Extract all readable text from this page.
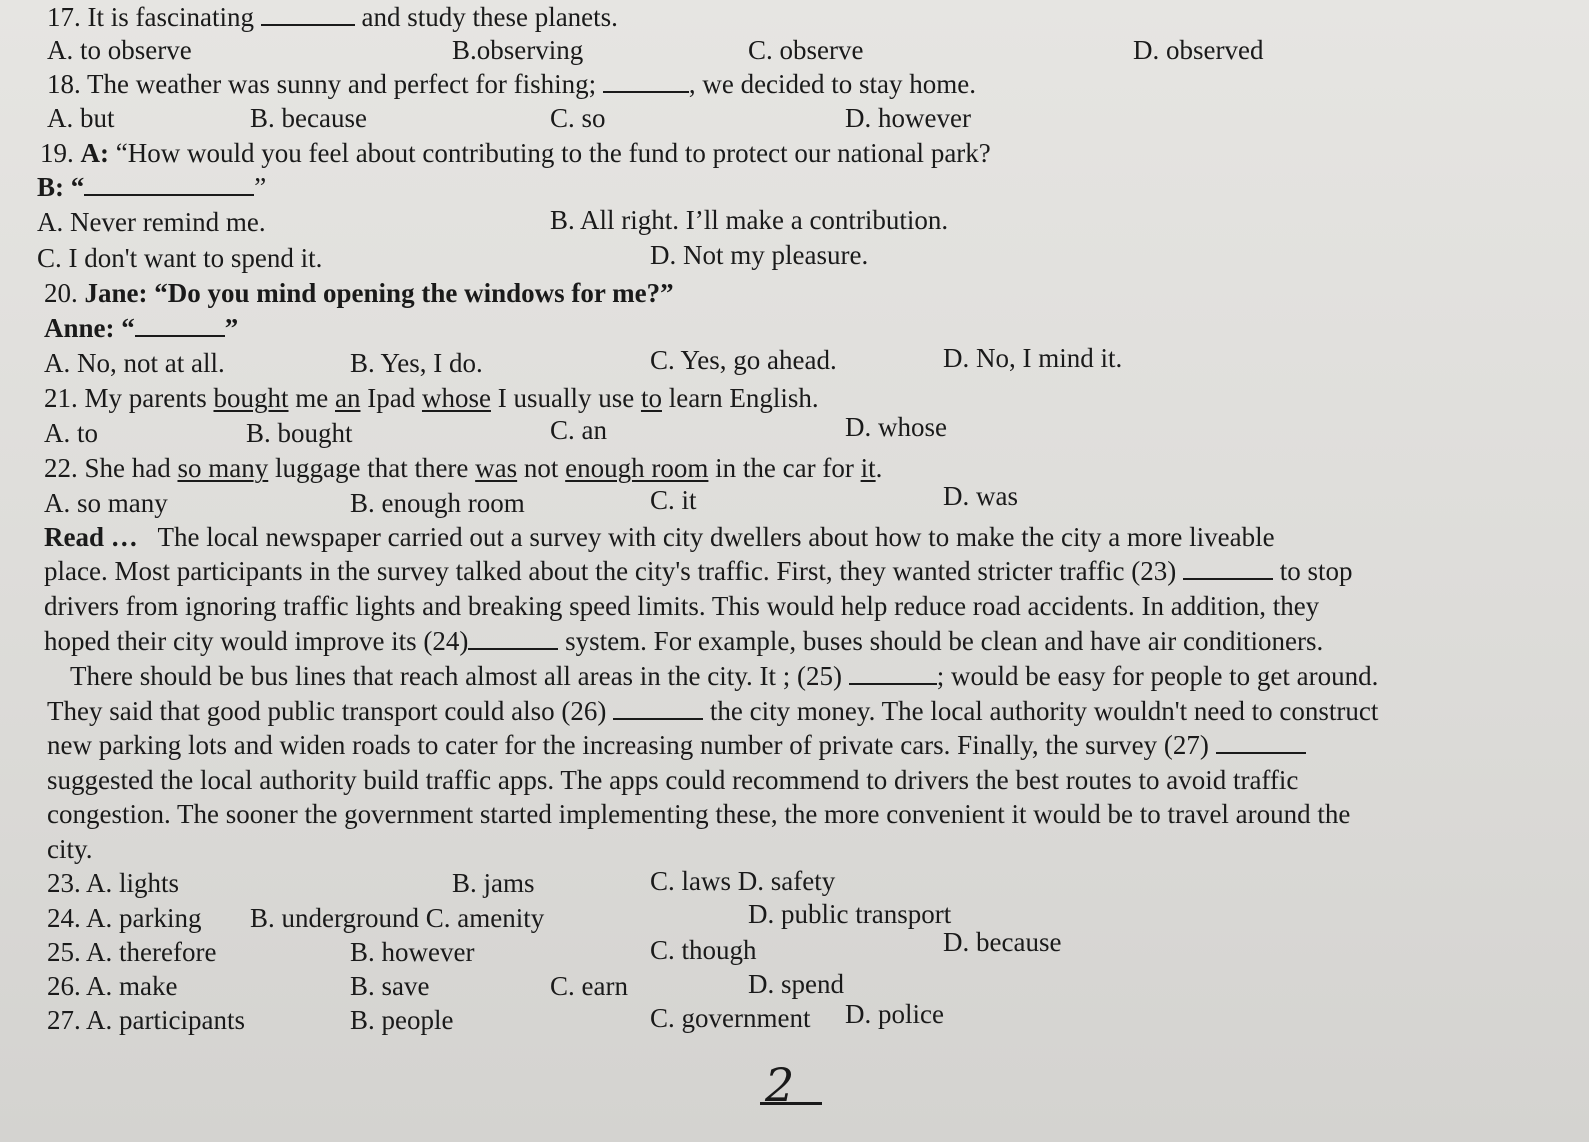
17. It is fascinating	and study these planets.
A. to observe	B.observing	C. observe	D. observed
18. The weather was sunny and perfect for fishing;	, we decided to stay home.
A. but	B. because	C. so	D. however
19. A: “How would you feel about contributing to the fund to protect our national park?
B: “	”
A. Never remind me.	B. All right. I’ll make a contribution.
C. I don't want to spend it.	D. Not my pleasure.
20. Jane: “Do you mind opening the windows for me?”
Anne: “	”
A. No, not at all.	B. Yes, I do.	C. Yes, go ahead.	D. No, I mind it.
21. My parents bought me an Ipad whose I usually use to learn English.
A. to	B. bought	C. an	D. whose
22. She had so many luggage that there was not enough room in the car for it.
A. so many	B. enough room	C. it	D. was
Read … The local newspaper carried out a survey with city dwellers about how to make the city a more liveable
place. Most participants in the survey talked about the city's traffic. First, they wanted stricter traffic (23)	to stop
drivers from ignoring traffic lights and breaking speed limits. This would help reduce road accidents. In addition, they
hoped their city would improve its (24)	system. For example, buses should be clean and have air conditioners.
There should be bus lines that reach almost all areas in the city. It ; (25)	; would be easy for people to get around.
They said that good public transport could also (26)	the city money. The local authority wouldn't need to construct
new parking lots and widen roads to cater for the increasing number of private cars. Finally, the survey (27)
suggested the local authority build traffic apps. The apps could recommend to drivers the best routes to avoid traffic
congestion. The sooner the government started implementing these, the more convenient it would be to travel around the
city.
23. A. lights	B. jams	C. laws D. safety
24. A. parking B. underground C. amenity	D. public transport
25. A. therefore	B. however	C. though	D. because
26. A. make	B. save	C. earn	D. spend
27. A. participants	B. people	C. government D. police
2
